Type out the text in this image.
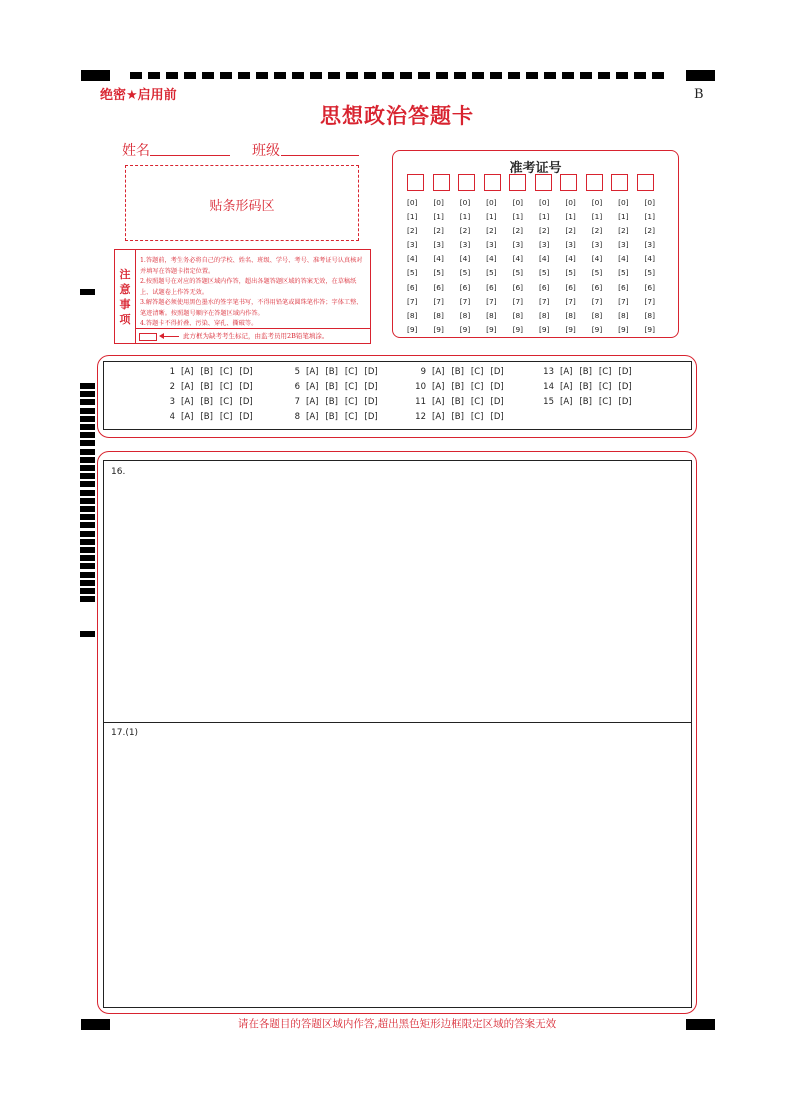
绝密★启用前
思想政治答题卡
B
姓名	班级
贴条形码区
注
意
事
项
1.答题前，考生务必将自己的学校、姓名、班级、学号、考号、准考证号认真核对并填写在答题卡指定位置。
2.按照题号在对应的答题区域内作答，超出各题答题区域的答案无效，在草稿纸上、试题卷上作答无效。
3.解答题必须使用黑色墨水的签字笔书写，不得用铅笔或圆珠笔作答；字体工整、笔迹清晰。按照题号顺序在答题区域内作答。
4.答题卡不得折叠、污染、穿孔、撕破等。
此方框为缺考考生标记，由监考员用2B铅笔填涂。
准考证号
[0]	[0]	[0]	[0]	[0]	[0]	[0]	[0]	[0]	[0]
[1]	[1]	[1]	[1]	[1]	[1]	[1]	[1]	[1]	[1]
[2]	[2]	[2]	[2]	[2]	[2]	[2]	[2]	[2]	[2]
[3]	[3]	[3]	[3]	[3]	[3]	[3]	[3]	[3]	[3]
[4]	[4]	[4]	[4]	[4]	[4]	[4]	[4]	[4]	[4]
[5]	[5]	[5]	[5]	[5]	[5]	[5]	[5]	[5]	[5]
[6]	[6]	[6]	[6]	[6]	[6]	[6]	[6]	[6]	[6]
[7]	[7]	[7]	[7]	[7]	[7]	[7]	[7]	[7]	[7]
[8]	[8]	[8]	[8]	[8]	[8]	[8]	[8]	[8]	[8]
[9]	[9]	[9]	[9]	[9]	[9]	[9]	[9]	[9]	[9]
1 [A] [B] [C] [D]
2 [A] [B] [C] [D]
3 [A] [B] [C] [D]
4 [A] [B] [C] [D]
5 [A] [B] [C] [D]
6 [A] [B] [C] [D]
7 [A] [B] [C] [D]
8 [A] [B] [C] [D]
9 [A] [B] [C] [D]
10 [A] [B] [C] [D]
11 [A] [B] [C] [D]
12 [A] [B] [C] [D]
13 [A] [B] [C] [D]
14 [A] [B] [C] [D]
15 [A] [B] [C] [D]
16.
17.(1)
请在各题目的答题区域内作答,超出黑色矩形边框限定区域的答案无效
